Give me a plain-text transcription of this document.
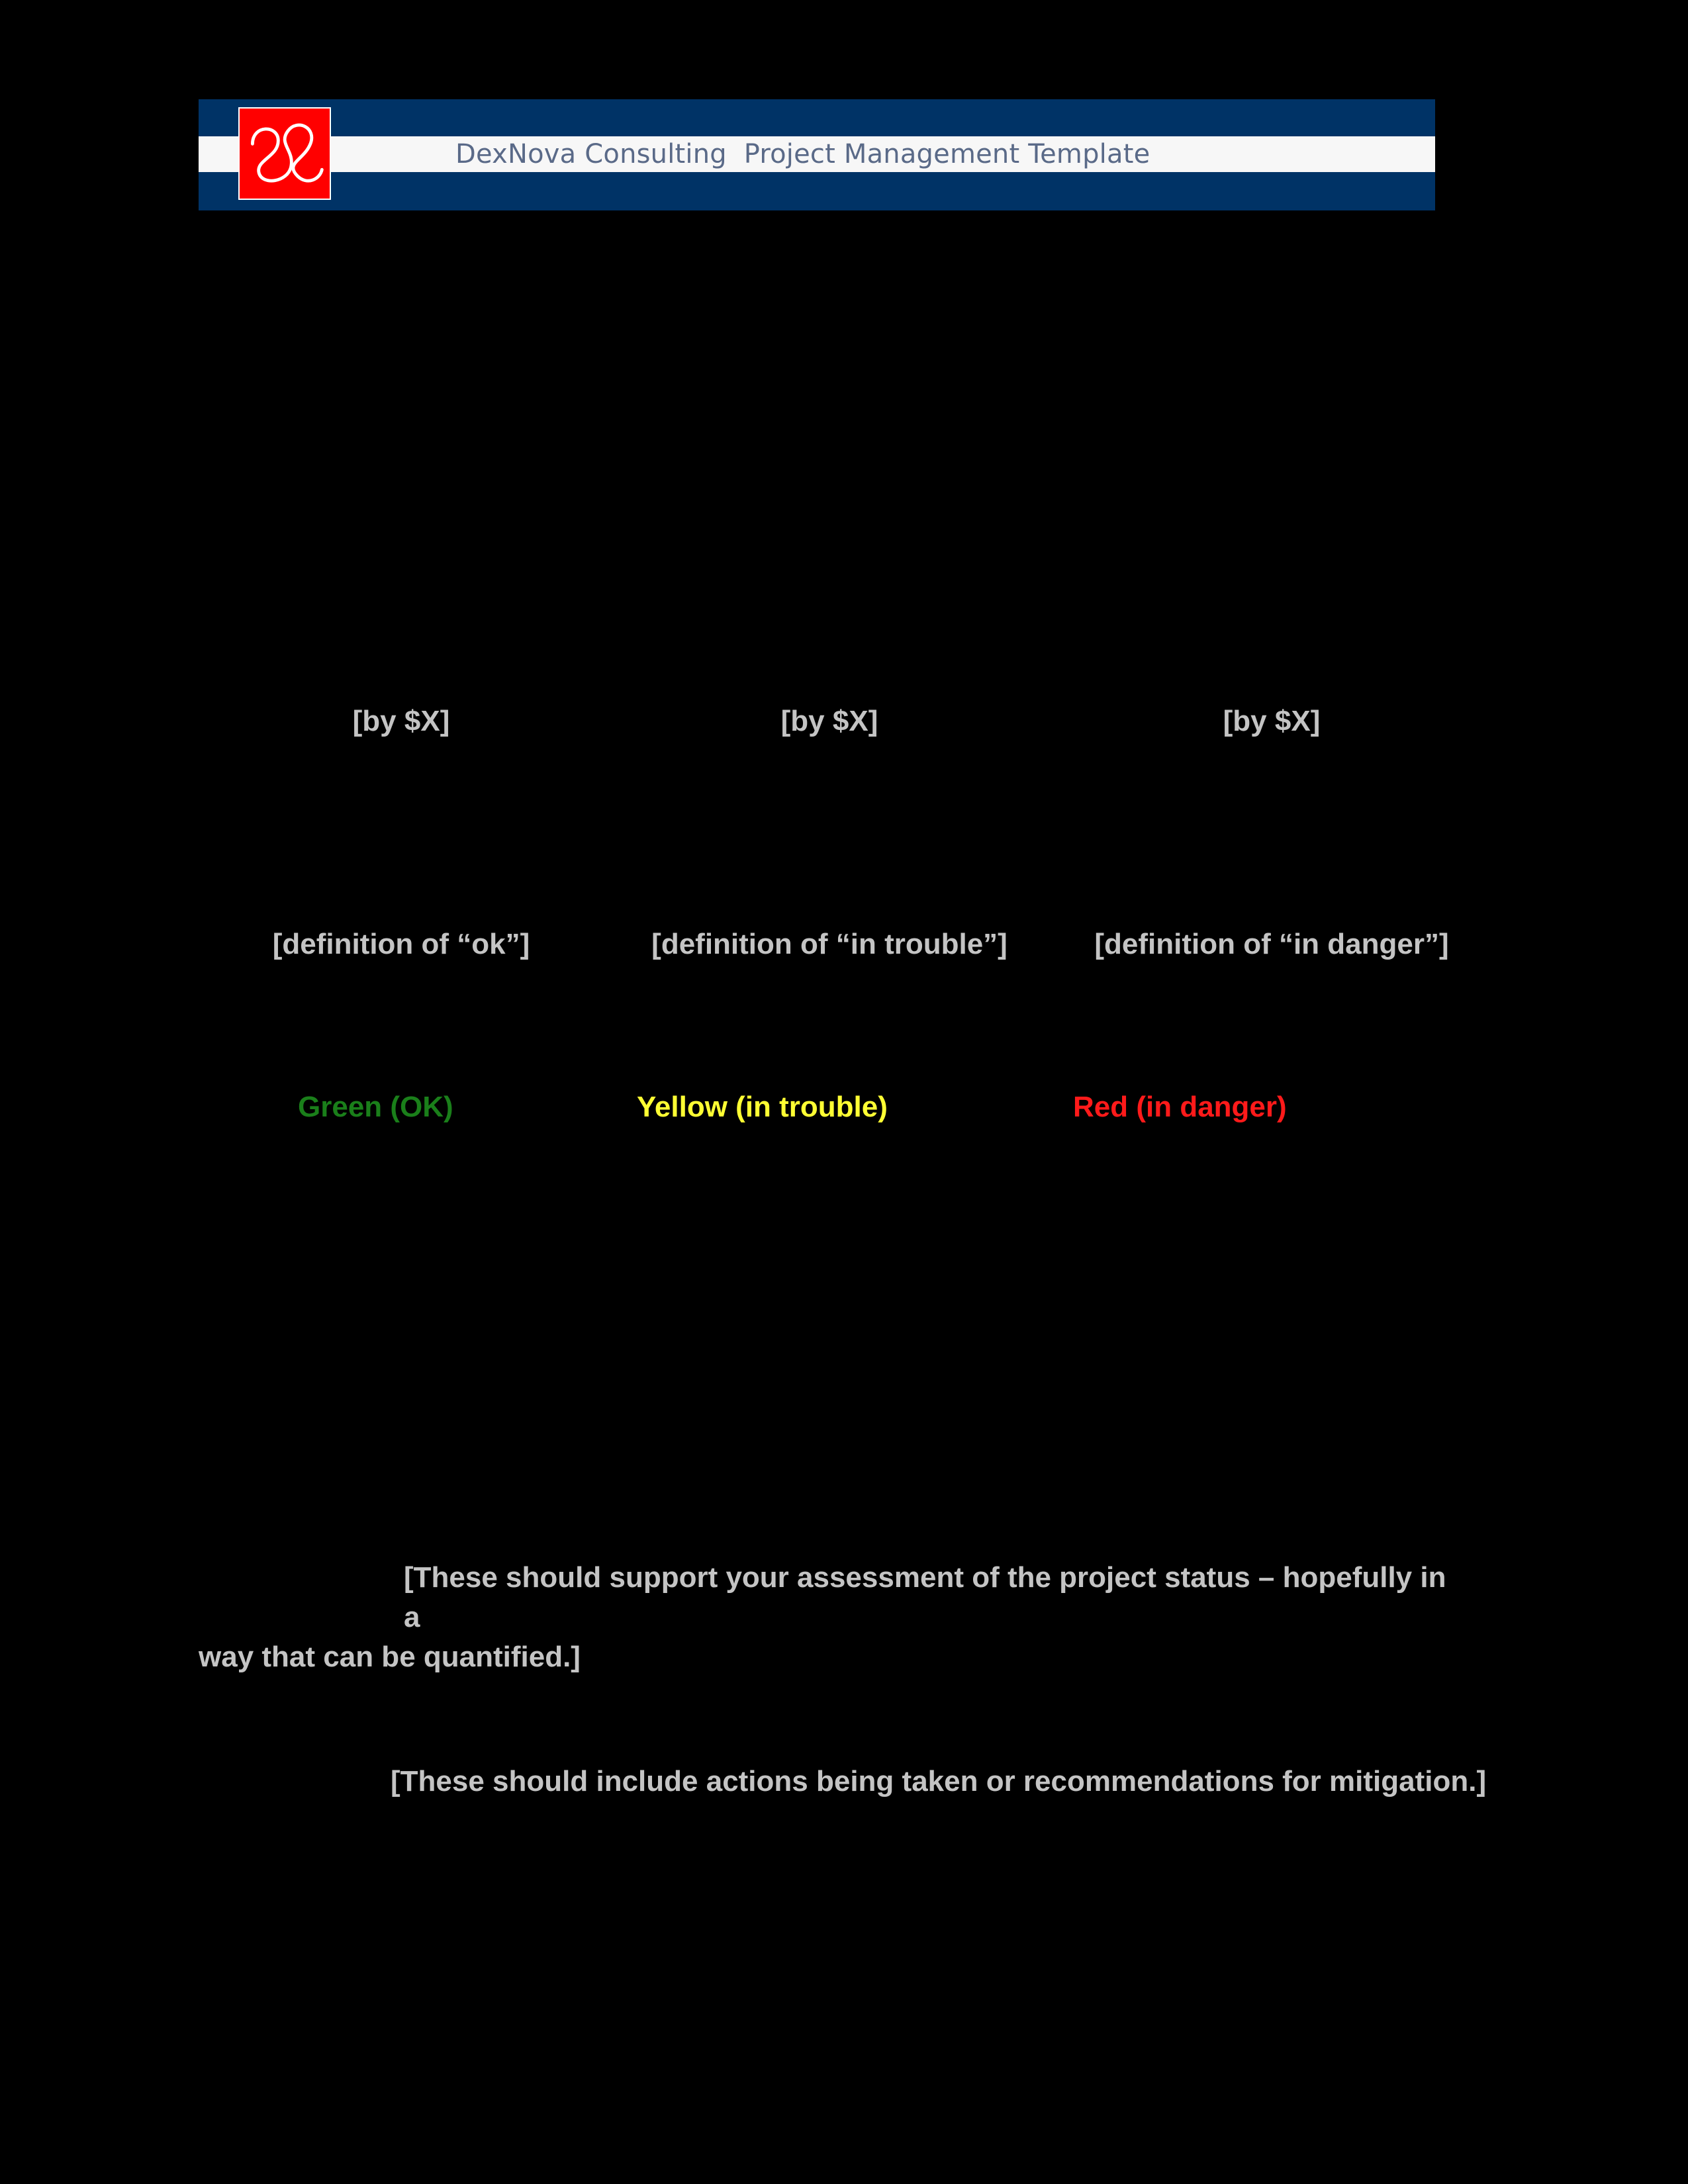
DexNova Consulting  Project Management Template
[by $X]	[by $X]	[by $X]
[definition of “ok”]	[definition of “in trouble”]	[definition of “in danger”]
Green (OK)	Yellow (in trouble)	Red (in danger)
[These should support your assessment of the project status – hopefully in a
way that can be quantified.]
[These should include actions being taken or recommendations for mitigation.]
